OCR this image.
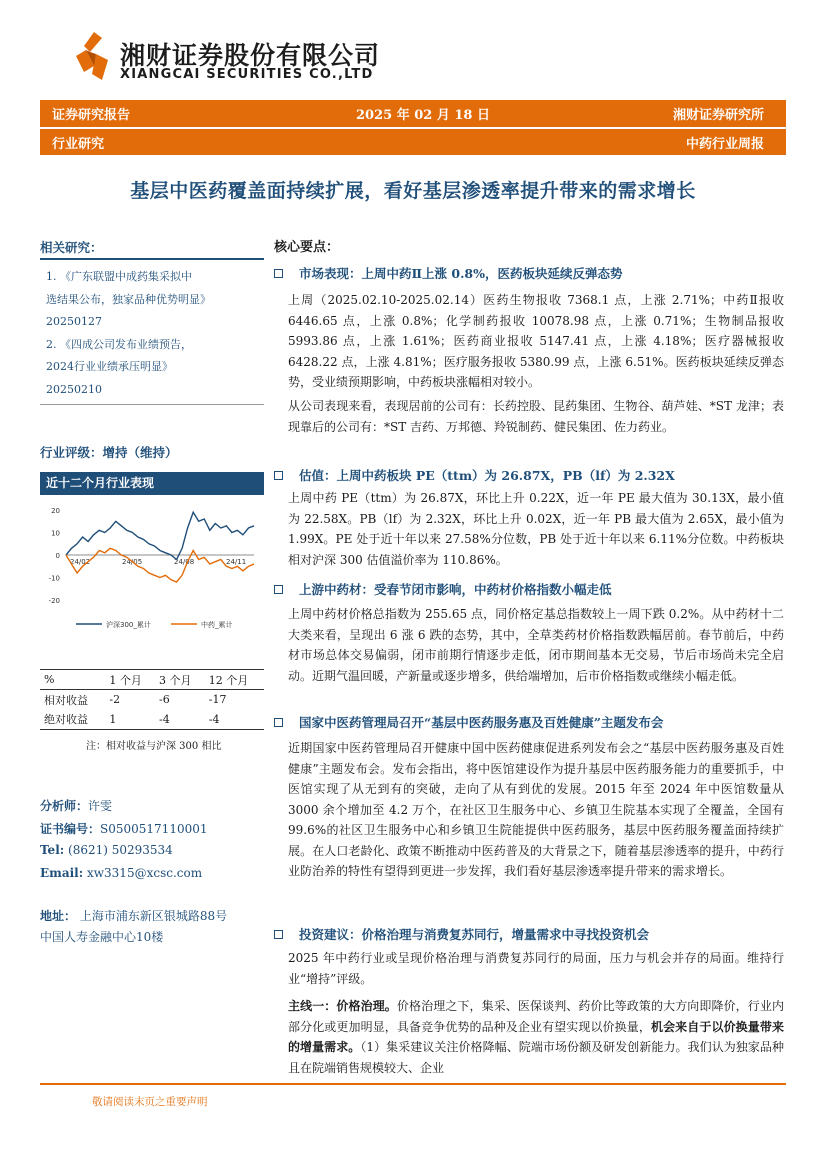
湘财证券股份有限公司
XIANGCAI SECURITIES CO.,LTD
证券研究报告	2025 年 02 月 18 日	湘财证券研究所
行业研究	中药行业周报
基层中医药覆盖面持续扩展，看好基层渗透率提升带来的需求增长
相关研究：
1. 《广东联盟中成药集采拟中
选结果公布，独家品种优势明显》
20250127
2. 《四成公司发布业绩预告，
2024行业业绩承压明显》
20250210
行业评级：增持（维持）
近十二个月行业表现
20
10
0
-10
-20
24/02	24/05	24/08	24/11
沪深300_累计	中药_累计
%	1 个月	3 个月	12 个月
相对收益	-2	-6	-17
绝对收益	1	-4	-4
注：相对收益与沪深 300 相比
分析师：许雯
证书编号：S0500517110001
Tel: (8621) 50293534
Email: xw3315@xcsc.com
地址： 上海市浦东新区银城路88号
中国人寿金融中心10楼
核心要点：
市场表现：上周中药Ⅱ上涨 0.8%，医药板块延续反弹态势
上周（2025.02.10-2025.02.14）医药生物报收 7368.1 点，上涨 2.71%；中药Ⅱ报收 6446.65 点，上涨 0.8%；化学制药报收 10078.98 点，上涨 0.71%；生物制品报收 5993.86 点，上涨 1.61%；医药商业报收 5147.41 点，上涨 4.18%；医疗器械报收 6428.22 点，上涨 4.81%；医疗服务报收 5380.99 点，上涨 6.51%。医药板块延续反弹态势，受业绩预期影响，中药板块涨幅相对较小。
从公司表现来看，表现居前的公司有：长药控股、昆药集团、生物谷、葫芦娃、*ST 龙津；表现靠后的公司有：*ST 吉药、万邦德、羚锐制药、健民集团、佐力药业。
估值：上周中药板块 PE（ttm）为 26.87X，PB（lf）为 2.32X
上周中药 PE（ttm）为 26.87X，环比上升 0.22X，近一年 PE 最大值为 30.13X，最小值为 22.58X。PB（lf）为 2.32X，环比上升 0.02X，近一年 PB 最大值为 2.65X，最小值为 1.99X。PE 处于近十年以来 27.58%分位数，PB 处于近十年以来 6.11%分位数。中药板块相对沪深 300 估值溢价率为 110.86%。
上游中药材：受春节闭市影响，中药材价格指数小幅走低
上周中药材价格总指数为 255.65 点，同价格定基总指数较上一周下跌 0.2%。从中药材十二大类来看，呈现出 6 涨 6 跌的态势，其中，全草类药材价格指数跌幅居前。春节前后，中药材市场总体交易偏弱，闭市前期行情逐步走低，闭市期间基本无交易，节后市场尚未完全启动。近期气温回暖，产新量或逐步增多，供给端增加，后市价格指数或继续小幅走低。
国家中医药管理局召开“基层中医药服务惠及百姓健康”主题发布会
近期国家中医药管理局召开健康中国中医药健康促进系列发布会之“基层中医药服务惠及百姓健康”主题发布会。发布会指出，将中医馆建设作为提升基层中医药服务能力的重要抓手，中医馆实现了从无到有的突破，走向了从有到优的发展。2015 年至 2024 年中医馆数量从 3000 余个增加至 4.2 万个，在社区卫生服务中心、乡镇卫生院基本实现了全覆盖，全国有 99.6%的社区卫生服务中心和乡镇卫生院能提供中医药服务，基层中医药服务覆盖面持续扩展。在人口老龄化、政策不断推动中医药普及的大背景之下，随着基层渗透率的提升，中药行业防治养的特性有望得到更进一步发挥，我们看好基层渗透率提升带来的需求增长。
投资建议：价格治理与消费复苏同行，增量需求中寻找投资机会
2025 年中药行业或呈现价格治理与消费复苏同行的局面，压力与机会并存的局面。维持行业“增持”评级。
主线一：价格治理。价格治理之下，集采、医保谈判、药价比等政策的大方向即降价，行业内部分化或更加明显，具备竞争优势的品种及企业有望实现以价换量，机会来自于以价换量带来的增量需求。（1）集采建议关注价格降幅、院端市场份额及研发创新能力。我们认为独家品种且在院端销售规模较大、企业
敬请阅读末页之重要声明
